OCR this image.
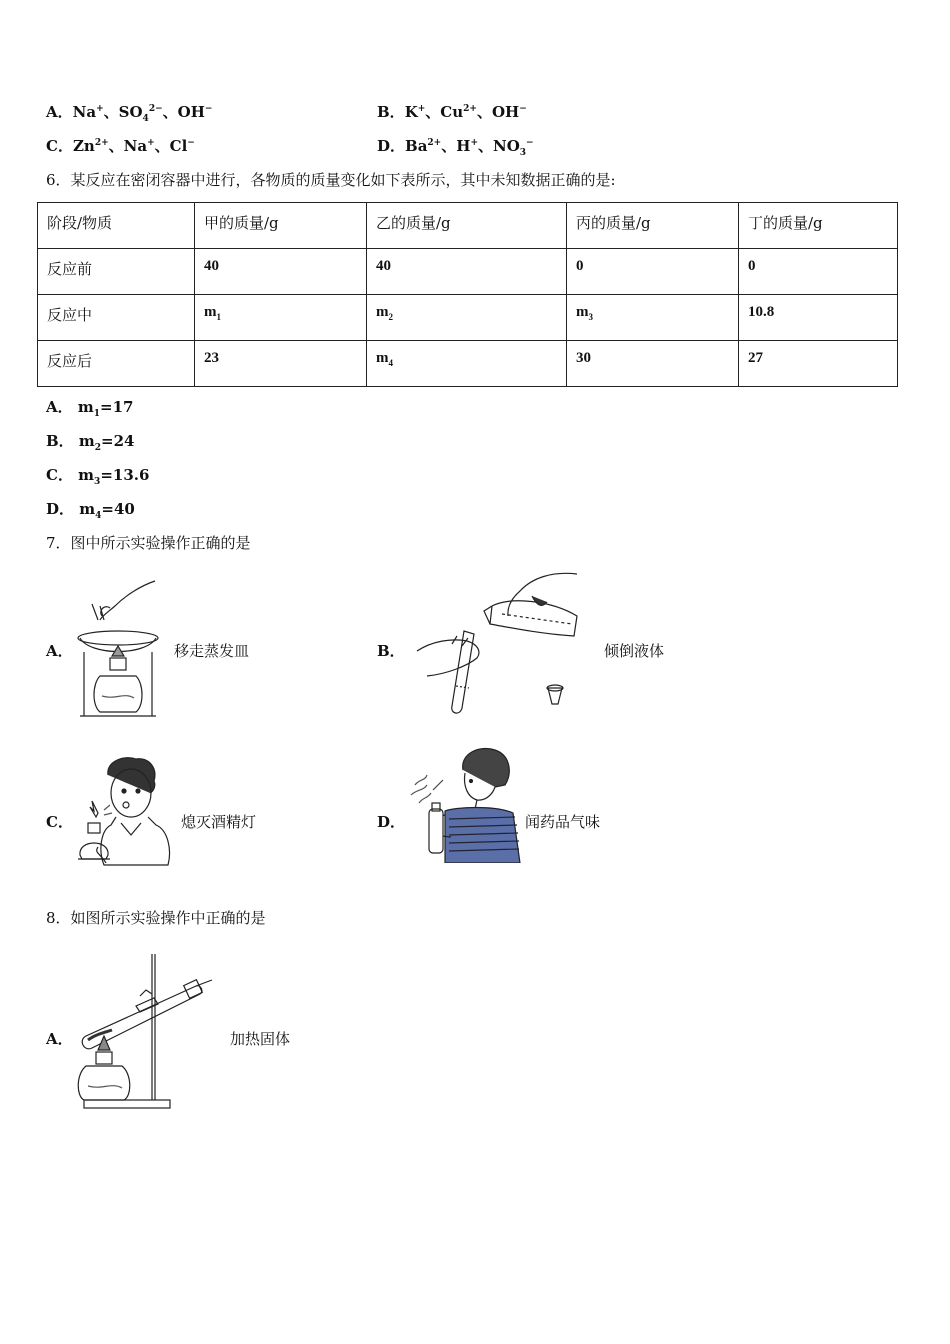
A．Na+、$SO_4^{2-}$、OH−	B．K+、$Cu^{2+}$、OH−
C．$Zn^{2+}$、Na+、Cl−	D．$Ba^{2+}$、H+、$NO_3^-$
6．某反应在密闭容器中进行，各物质的质量变化如下表所示，其中未知数据正确的是:
阶段/物质	甲的质量/g	乙的质量/g	丙的质量/g	丁的质量/g
反应前	40	40	0	0
反应中	$m_1$	$m_2$	$m_3$	10.8
反应后	23	$m_4$	30	27
A． $m_1=17$
B． $m_2=24$
C． $m_3=13.6$
D． $m_4=40$
7．图中所示实验操作正确的是
A．	移走蒸发皿	B．	倾倒液体
C．	熄灭酒精灯	D．	闻药品气味
8．如图所示实验操作中正确的是
A．	加热固体
